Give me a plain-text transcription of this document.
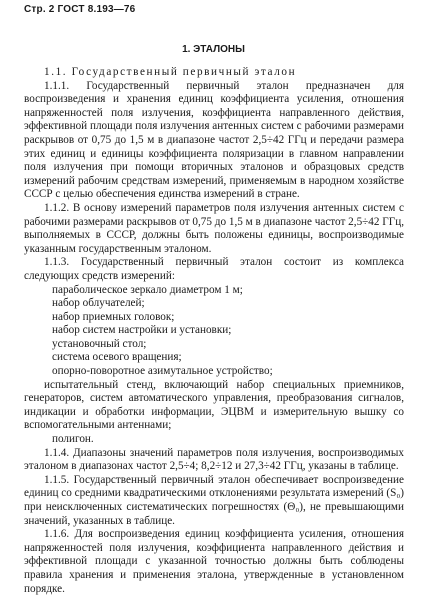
Стр. 2 ГОСТ 8.193—76
1. ЭТАЛОНЫ

1.1. Государственный первичный эталон

1.1.1. Государственный первичный эталон предназначен для воспроизведения и хранения единиц коэффициента усиления, отношения напряженностей поля излучения, коэффициента направленного действия, эффективной площади поля излучения антенных систем с рабочими размерами раскрывов от 0,75 до 1,5 м в диапазоне частот 2,5÷42 ГГц и передачи размера этих единиц и единицы коэффициента поляризации в главном направлении поля излучения при помощи вторичных эталонов и образцовых средств измерений рабочим средствам измерений, применяемым в народном хозяйстве СССР с целью обеспечения единства измерений в стране.

1.1.2. В основу измерений параметров поля излучения антенных систем с рабочими размерами раскрывов от 0,75 до 1,5 м в диапазоне частот 2,5÷42 ГГц, выполняемых в СССР, должны быть положены единицы, воспроизводимые указанным государственным эталоном.

1.1.3. Государственный первичный эталон состоит из комплекса следующих средств измерений:

параболическое зеркало диаметром 1 м;

набор облучателей;

набор приемных головок;

набор систем настройки и установки;

установочный стол;

система осевого вращения;

опорно-поворотное азимутальное устройство;

испытательный стенд, включающий набор специальных приемников, генераторов, систем автоматического управления, преобразования сигналов, индикации и обработки информации, ЭЦВМ и измерительную вышку со вспомогательными антеннами;

полигон.

1.1.4. Диапазоны значений параметров поля излучения, воспроизводимых эталоном в диапазонах частот 2,5÷4; 8,2÷12 и 27,3÷42 ГГц, указаны в таблице.

1.1.5. Государственный первичный эталон обеспечивает воспроизведение единиц со средними квадратическими отклонениями результата измерений (S₀) при неисключенных систематических погрешностях (Θ₀), не превышающими значений, указанных в таблице.

1.1.6. Для воспроизведения единиц коэффициента усиления, отношения напряженностей поля излучения, коэффициента направленного действия и эффективной площади с указанной точностью должны быть соблюдены правила хранения и применения эталона, утвержденные в установленном порядке.
